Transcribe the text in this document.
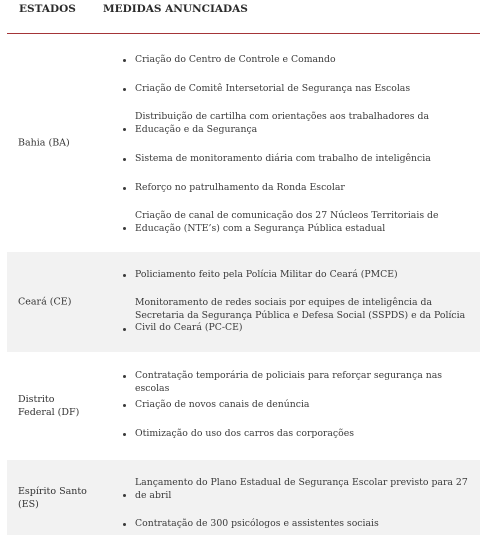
ESTADOS	MEDIDAS ANUNCIADAS
Bahia (BA)
Criação do Centro de Controle e Comando
Criação de Comitê Intersetorial de Segurança nas Escolas
Distribuição de cartilha com orientações aos trabalhadores da Educação e da Segurança
Sistema de monitoramento diária com trabalho de inteligência
Reforço no patrulhamento da Ronda Escolar
Criação de canal de comunicação dos 27 Núcleos Territoriais de Educação (NTE’s) com a Segurança Pública estadual
Ceará (CE)
Policiamento feito pela Polícia Militar do Ceará (PMCE)
Monitoramento de redes sociais por equipes de inteligência da Secretaria da Segurança Pública e Defesa Social (SSPDS) e da Polícia Civil do Ceará (PC-CE)
Distrito Federal (DF)
Contratação temporária de policiais para reforçar segurança nas escolas
Criação de novos canais de denúncia
Otimização do uso dos carros das corporações
Espírito Santo (ES)
Lançamento do Plano Estadual de Segurança Escolar previsto para 27 de abril
Contratação de 300 psicólogos e assistentes sociais
